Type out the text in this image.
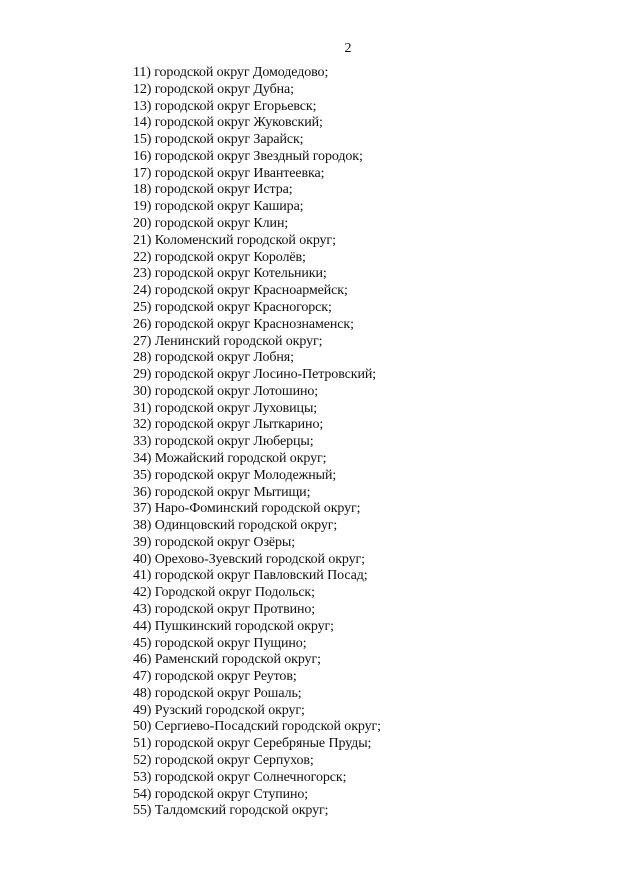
2
11) городской округ Домодедово;
12) городской округ Дубна;
13) городской округ Егорьевск;
14) городской округ Жуковский;
15) городской округ Зарайск;
16) городской округ Звездный городок;
17) городской округ Ивантеевка;
18) городской округ Истра;
19) городской округ Кашира;
20) городской округ Клин;
21) Коломенский городской округ;
22) городской округ Королёв;
23) городской округ Котельники;
24) городской округ Красноармейск;
25) городской округ Красногорск;
26) городской округ Краснознаменск;
27) Ленинский городской округ;
28) городской округ Лобня;
29) городской округ Лосино-Петровский;
30) городской округ Лотошино;
31) городской округ Луховицы;
32) городской округ Лыткарино;
33) городской округ Люберцы;
34) Можайский городской округ;
35) городской округ Молодежный;
36) городской округ Мытищи;
37) Наро-Фоминский городской округ;
38) Одинцовский городской округ;
39) городской округ Озёры;
40) Орехово-Зуевский городской округ;
41) городской округ Павловский Посад;
42) Городской округ Подольск;
43) городской округ Протвино;
44) Пушкинский городской округ;
45) городской округ Пущино;
46) Раменский городской округ;
47) городской округ Реутов;
48) городской округ Рошаль;
49) Рузский городской округ;
50) Сергиево-Посадский городской округ;
51) городской округ Серебряные Пруды;
52) городской округ Серпухов;
53) городской округ Солнечногорск;
54) городской округ Ступино;
55) Талдомский городской округ;
